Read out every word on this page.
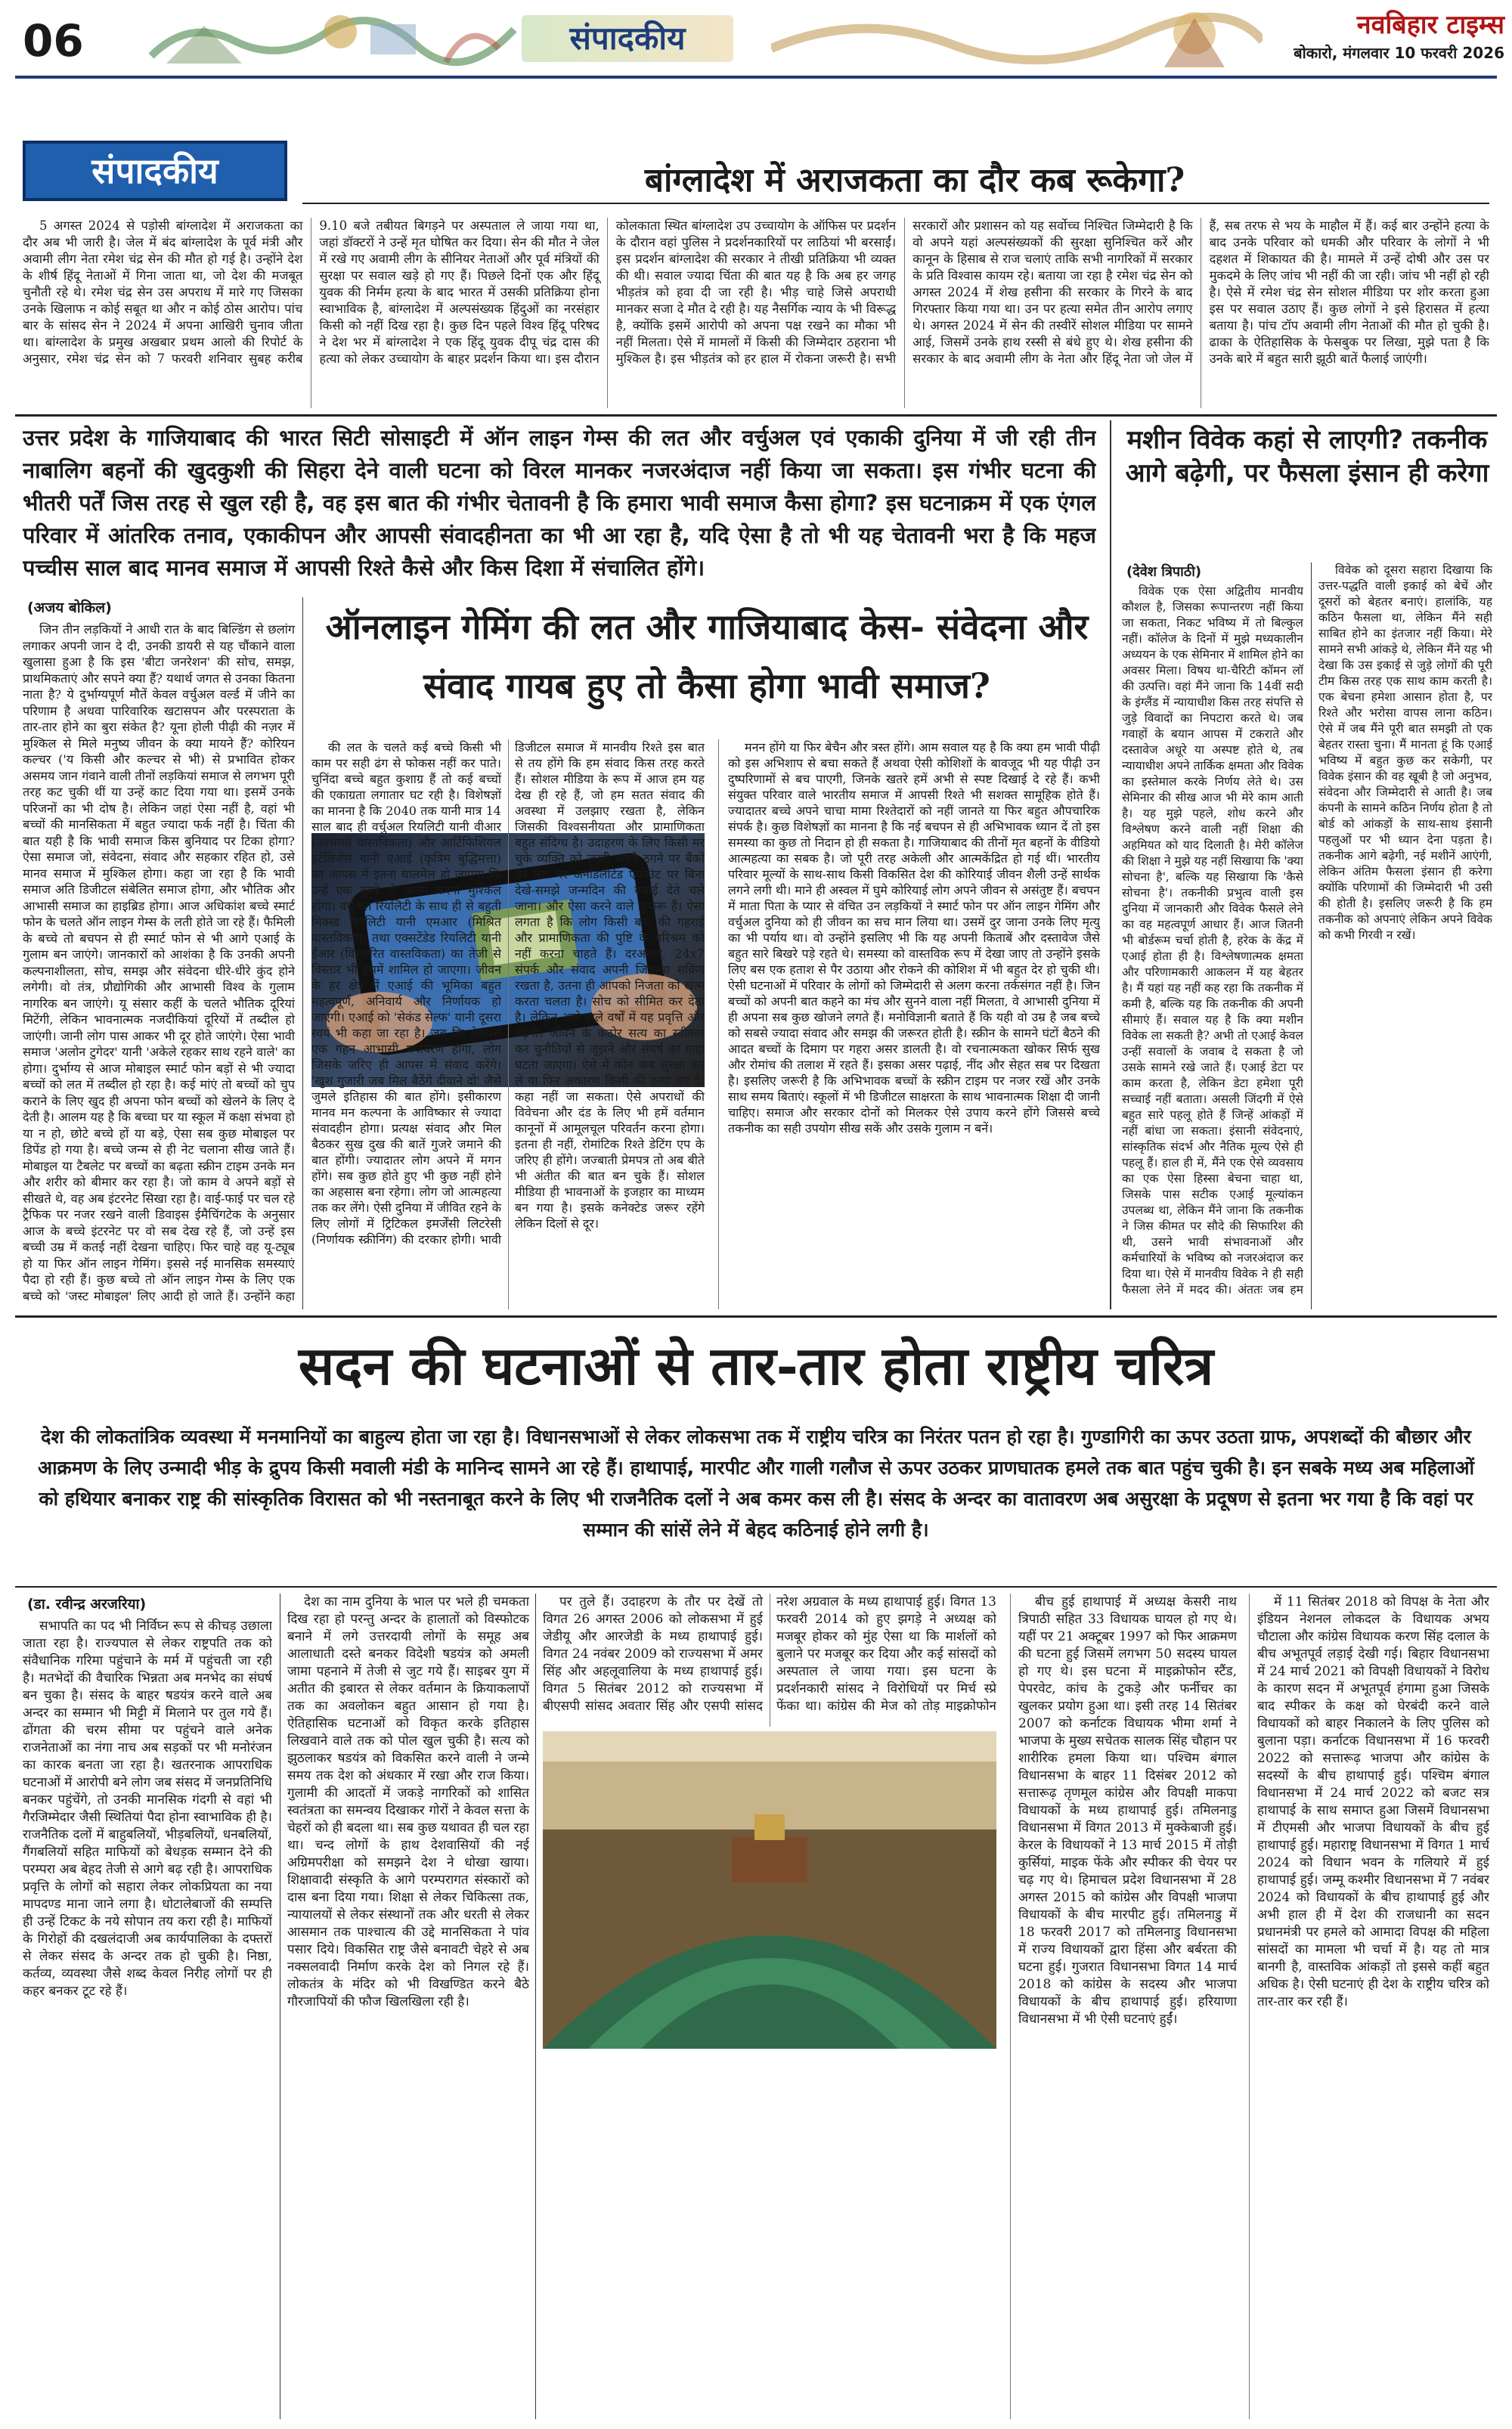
06	संपादकीय	नवबिहार टाइम्स
बोकारो, मंगलवार 10 फरवरी 2026
संपादकीय	बांग्लादेश में अराजकता का दौर कब रूकेगा?

5 अगस्त 2024 से पड़ोसी बांग्लादेश में अराजकता का दौर अब भी जारी है। जेल में बंद बांग्लादेश के पूर्व मंत्री और अवामी लीग नेता रमेश चंद्र सेन की मौत हो गई है। उन्होंने देश के शीर्ष हिंदू नेताओं में गिना जाता था, जो देश की मजबूत चुनौती रहे थे। रमेश चंद्र सेन उस अपराध में मारे गए जिसका उनके खिलाफ न कोई सबूत था और न कोई ठोस आरोप। पांच बार के सांसद सेन ने 2024 में अपना आखिरी चुनाव जीता था। बांग्लादेश के प्रमुख अखबार प्रथम आलो की रिपोर्ट के अनुसार, रमेश चंद्र सेन को 7 फरवरी शनिवार सुबह करीब 9.10 बजे तबीयत बिगड़ने पर अस्पताल ले जाया गया था, जहां डॉक्टरों ने उन्हें मृत घोषित कर दिया। सेन की मौत ने जेल में रखे गए अवामी लीग के सीनियर नेताओं और पूर्व मंत्रियों की सुरक्षा पर सवाल खड़े हो गए हैं। पिछले दिनों एक और हिंदू युवक की निर्मम हत्या के बाद भारत में उसकी प्रतिक्रिया होना स्वाभाविक है, बांग्लादेश में अल्पसंख्यक हिंदुओं का नरसंहार किसी को नहीं दिख रहा है। कुछ दिन पहले विश्व हिंदू परिषद ने देश भर में बांग्लादेश ने एक हिंदू युवक दीपू चंद्र दास की हत्या को लेकर उच्चायोग के बाहर प्रदर्शन किया था। इस दौरान कोलकाता स्थित बांग्लादेश उप उच्चायोग के ऑफिस पर प्रदर्शन के दौरान वहां पुलिस ने प्रदर्शनकारियों पर लाठियां भी बरसाईं। इस प्रदर्शन बांग्लादेश की सरकार ने तीखी प्रतिक्रिया भी व्यक्त की थी। सवाल ज्यादा चिंता की बात यह है कि अब हर जगह भीड़तंत्र को हवा दी जा रही है। भीड़ चाहे जिसे अपराधी मानकर सजा दे मौत दे रही है। यह नैसर्गिक न्याय के भी विरूद्ध है, क्योंकि इसमें आरोपी को अपना पक्ष रखने का मौका भी नहीं मिलता। ऐसे में मामलों में किसी की जिम्मेदार ठहराना भी मुश्किल है। इस भीड़तंत्र को हर हाल में रोकना जरूरी है। सभी सरकारों और प्रशासन को यह सर्वोच्च निश्चित जिम्मेदारी है कि वो अपने यहां अल्पसंख्यकों की सुरक्षा सुनिश्चित करें और कानून के हिसाब से राज चलाएं ताकि सभी नागरिकों में सरकार के प्रति विश्वास कायम रहे। बताया जा रहा है रमेश चंद्र सेन को अगस्त 2024 में शेख हसीना की सरकार के गिरने के बाद गिरफ्तार किया गया था। उन पर हत्या समेत तीन आरोप लगाए थे। अगस्त 2024 में सेन की तस्वीरें सोशल मीडिया पर सामने आई, जिसमें उनके हाथ रस्सी से बंधे हुए थे। शेख हसीना की सरकार के बाद अवामी लीग के नेता और हिंदू नेता जो जेल में हैं, सब तरफ से भय के माहौल में हैं। कई बार उन्होंने हत्या के बाद उनके परिवार को धमकी और परिवार के लोगों ने भी दहशत में शिकायत की है। मामले में उन्हें दोषी और उस पर मुकदमे के लिए जांच भी नहीं की जा रही। जांच भी नहीं हो रही है। ऐसे में रमेश चंद्र सेन सोशल मीडिया पर शोर करता हुआ इस पर सवाल उठाए हैं। कुछ लोगों ने इसे हिरासत में हत्या बताया है। पांच टॉप अवामी लीग नेताओं की मौत हो चुकी है। ढाका के ऐतिहासिक के फेसबुक पर लिखा, मुझे पता है कि उनके बारे में बहुत सारी झूठी बातें फैलाई जाएंगी।

उत्तर प्रदेश के गाजियाबाद की भारत सिटी सोसाइटी में ऑन लाइन गेम्स की लत और वर्चुअल एवं एकाकी दुनिया में जी रही तीन नाबालिग बहनों की खुदकुशी की सिहरा देने वाली घटना को विरल मानकर नजरअंदाज नहीं किया जा सकता। इस गंभीर घटना की भीतरी पर्तें जिस तरह से खुल रही है, वह इस बात की गंभीर चेतावनी है कि हमारा भावी समाज कैसा होगा? इस घटनाक्रम में एक एंगल परिवार में आंतरिक तनाव, एकाकीपन और आपसी संवादहीनता का भी आ रहा है, यदि ऐसा है तो भी यह चेतावनी भरा है कि महज पच्चीस साल बाद मानव समाज में आपसी रिश्ते कैसे और किस दिशा में संचालित होंगे।
(अजय बोकिल)

जिन तीन लड़कियों ने आधी रात के बाद बिल्डिंग से छलांग लगाकर अपनी जान दे दी, उनकी डायरी से यह चौंकाने वाला खुलासा हुआ है कि इस 'बीटा जनरेशन' की सोच, समझ, प्राथमिकताएं और सपने क्या हैं? यथार्थ जगत से उनका कितना नाता है? ये दुर्भाग्यपूर्ण मौतें केवल वर्चुअल वर्ल्ड में जीने का परिणाम है अथवा पारिवारिक खटासपन और परस्पराता के तार-तार होने का बुरा संकेत है? यूना होली पीढ़ी की नज़र में मुश्किल से मिले मनुष्य जीवन के क्या मायने हैं? कोरियन कल्चर ('य किसी और कल्चर से भी) से प्रभावित होकर असमय जान गंवाने वाली तीनों लड़कियां समाज से लगभग पूरी तरह कट चुकी थीं या उन्हें काट दिया गया था। इसमें उनके परिजनों का भी दोष है। लेकिन जहां ऐसा नहीं है, वहां भी बच्चों की मानसिकता में बहुत ज्यादा फर्क नहीं है। चिंता की बात यही है कि भावी समाज किस बुनियाद पर टिका होगा? ऐसा समाज जो, संवेदना, संवाद और सहकार रहित हो, उसे मानव समाज में मुश्किल होगा। कहा जा रहा है कि भावी समाज अति डिजीटल संबेलित समाज होगा, और भौतिक और आभासी समाज का हाइब्रिड होगा। आज अधिकांश बच्चे स्मार्ट फोन के चलते ऑन लाइन गेम्स के लती होते जा रहे हैं। फैमिली के बच्चे तो बचपन से ही स्मार्ट फोन से भी आगे एआई के गुलाम बन जाएंगे। जानकारों को आशंका है कि उनकी अपनी कल्पनाशीलता, सोच, समझ और संवेदना धीरे-धीरे कुंद होने लगेगी। वो तंत्र, प्रौद्योगिकी और आभासी विश्व के गुलाम नागरिक बन जाएंगे। यू संसार कहीं के चलते भौतिक दूरियां मिटेंगी, लेकिन भावनात्मक नजदीकियां दूरियों में तब्दील हो जाएंगी। जानी लोग पास आकर भी दूर होते जाएंगे। ऐसा भावी समाज 'अलोन टुगेदर' यानी 'अकेले रहकर साथ रहने वाले' का होगा। दुर्भाग्य से आज मोबाइल स्मार्ट फोन बड़ों से भी ज्यादा बच्चों को लत में तब्दील हो रहा है। कई मांएं तो बच्चों को चुप कराने के लिए खुद ही अपना फोन बच्चों को खेलने के लिए दे देती है। आलम यह है कि बच्चा घर या स्कूल में कक्षा संभवा हो या न हो, छोटे बच्चे हों या बड़े, ऐसा सब कुछ मोबाइल पर डिपेंड हो गया है। बच्चे जन्म से ही नेट चलाना सीख जाते हैं। मोबाइल या टैबलेट पर बच्चों का बढ़ता स्क्रीन टाइम उनके मन और शरीर को बीमार कर रहा है। जो काम वे अपने बड़ों से सीखते थे, वह अब इंटरनेट सिखा रहा है। वाई-फाई पर चल रहे ट्रैफिक पर नजर रखने वाली डिवाइस ईमैचिंगटेक के अनुसार आज के बच्चे इंटरनेट पर वो सब देख रहे हैं, जो उन्हें इस बच्ची उम्र में कतई नहीं देखना चाहिए। फिर चाहे वह यू-ट्यूब हो या फिर ऑन लाइन गेमिंग। इससे नई मानसिक समस्याएं पैदा हो रही हैं। कुछ बच्चे तो ऑन लाइन गेम्स के लिए एक बच्चे को 'जस्ट मोबाइल' लिए आदी हो जाते हैं। उन्होंने कहा

ऑनलाइन गेमिंग की लत और गाजियाबाद केस- संवेदना और संवाद गायब हुए तो कैसा होगा भावी समाज?

की लत के चलते कई बच्चे किसी भी काम पर सही ढंग से फोकस नहीं कर पाते। चुनिंदा बच्चे बहुत कुशाग्र हैं तो कई बच्चों की एकाग्रता लगातार घट रही है। विशेषज्ञों का मानना है कि 2040 तक यानी मात्र 14 साल बाद ही वर्चुअल रियलिटी यानी वीआर (आभासी वास्तविकता) और आर्टिफिशियल इंटेलिजेंस यानी एआई (कृत्रिम बुद्धिमत्ता) का आपस में इतना घालमेल हो जाएगा कि उन्हें एक दूसरे से अलग करना मुश्किल होगा। वर्चुअल रियलिटी के साथ ही से बहुती मिक्स्ड रियलिटी यानी एमआर (मिश्रित वास्तविकता) तथा एक्सटेंडेड रियलिटी यानी ईआर (विस्तारित वास्तविकता) का तेजी से विस्तार भी इसमें शामिल हो जाएगा। जीवन के हर क्षेत्र में एआई की भूमिका बहुत महत्वपूर्ण, अनिवार्य और निर्णायक हो जाएगी। एआई को 'सेकंड सेल्फ' यानी दूसरा स्वयं भी कहा जा रहा है। जब कि मेटावर्स एक गहन आभासी पर्यावरण होगा, लोग जिसके जरिए ही आपस में संवाद करेंगे। 'खुश गुजारी जब मिल बैठेंगे दीवाने दो' जैसे जुमले इतिहास की बात होंगे। इसीकारण मानव मन कल्पना के आविष्कार से ज्यादा संवादहीन होगा। प्रत्यक्ष संवाद और मिल बैठकर सुख दुख की बातें गुजरे जमाने की बात होंगी। ज्यादातर लोग अपने में मगन होंगे। सब कुछ होते हुए भी कुछ नहीं होने का अहसास बना रहेगा। लोग जो आत्महत्या तक कर लेंगे। ऐसी दुनिया में जीवित रहने के लिए लोगों में ट्रिटिकल इमर्जेंसी लिटरेसी (निर्णायक स्क्रीनिंग) की दरकार होगी। भावी डिजीटल समाज में मानवीय रिश्ते इस बात से तय होंगे कि हम संवाद किस तरह करते हैं। सोशल मीडिया के रूप में आज हम यह देख ही रहे हैं, जो हम सतत संवाद की अवस्था में उलझाए रखता है, लेकिन जिसकी विश्वसनीयता और प्रामाणिकता बहुत संदिग्ध है। उदाहरण के लिए किसी मर चुके व्यक्ति को जस्टी अपने ठगने पर बैंकों को मेटा पर अनडिलीटेड एकाउंट पर बिना देखे-समझे जन्मदिन की बधाई देते चले जाना। और ऐसा करने वाले फुफेरू हैं। ऐसा लगता है कि लोग किसी बात की गहराई और प्रामाणिकता की पुष्टि के परिश्रम को नहीं करना चाहते हैं। दरअसल, 24x7 संपर्क और संवाद अपनी जिज्ञासा सक्रिय रखता है, उतना ही आपको निजता को खत्म करता चलता है। सोच को सीमित कर देता है। लेकिन आने वाले वर्षों में यह प्रवृत्ति और बढ़ेगी। जीवन के कठोर सत्य का स्वीकार कर चुनौतियों से जूझने और संघर्ष का माद्दा घटता जाएगा। ऐसे में कोन कब सुरक्षा कर ले या फिर अकारण किसी की हत्या कर दे, कहा नहीं जा सकता। ऐसे अपराधों की विवेचना और दंड के लिए भी हमें वर्तमान कानूनों में आमूलचूल परिवर्तन करना होगा। इतना ही नहीं, रोमांटिक रिश्ते डेटिंग एप के जरिए ही होंगे। जज्बाती प्रेमपत्र तो अब बीते भी अंतीत की बात बन चुके हैं। सोशल मीडिया ही भावनाओं के इजहार का माध्यम बन गया है। इसके कनेक्टेड जरूर रहेंगे लेकिन दिलों से दूर।

मनन होंगे या फिर बेचैन और त्रस्त होंगे। आम सवाल यह है कि क्या हम भावी पीढ़ी को इस अभिशाप से बचा सकते हैं अथवा ऐसी कोशिशों के बावजूद भी यह पीढ़ी उन दुष्परिणामों से बच पाएगी, जिनके खतरे हमें अभी से स्पष्ट दिखाई दे रहे हैं। कभी संयुक्त परिवार वाले भारतीय समाज में आपसी रिश्ते भी सशक्त सामूहिक होते हैं। ज्यादातर बच्चे अपने चाचा मामा रिश्तेदारों को नहीं जानते या फिर बहुत औपचारिक संपर्क है। कुछ विशेषज्ञों का मानना है कि नई बचपन से ही अभिभावक ध्यान दें तो इस समस्या का कुछ तो निदान हो ही सकता है। गाजियाबाद की तीनों मृत बहनों के वीडियो आत्महत्या का सबक है। जो पूरी तरह अकेली और आत्मकेंद्रित हो गई थीं। भारतीय परिवार मूल्यों के साथ-साथ किसी विकसित देश की कोरियाई जीवन शैली उन्हें सार्थक लगने लगी थी। माने ही अस्वल में घुमे कोरियाई लोग अपने जीवन से असंतुष्ट हैं। बचपन में माता पिता के प्यार से वंचित उन लड़कियों ने स्मार्ट फोन पर ऑन लाइन गेमिंग और वर्चुअल दुनिया को ही जीवन का सच मान लिया था। उसमें दुर जाना उनके लिए मृत्यु का भी पर्याय था। वो उन्होंने इसलिए भी कि यह अपनी किताबें और दस्तावेज जैसे बहुत सारे बिखरे पड़े रहते थे। समस्या को वास्तविक रूप में देखा जाए तो उन्होंने इसके लिए बस एक हताश से पैर उठाया और रोकने की कोशिश में भी बहुत देर हो चुकी थी। ऐसी घटनाओं में परिवार के लोगों को जिम्मेदारी से अलग करना तर्कसंगत नहीं है। जिन बच्चों को अपनी बात कहने का मंच और सुनने वाला नहीं मिलता, वे आभासी दुनिया में ही अपना सब कुछ खोजने लगते हैं। मनोविज्ञानी बताते हैं कि यही वो उम्र है जब बच्चे को सबसे ज्यादा संवाद और समझ की जरूरत होती है। स्क्रीन के सामने घंटों बैठने की आदत बच्चों के दिमाग पर गहरा असर डालती है। वो रचनात्मकता खोकर सिर्फ सुख और रोमांच की तलाश में रहते हैं। इसका असर पढ़ाई, नींद और सेहत सब पर दिखता है। इसलिए जरूरी है कि अभिभावक बच्चों के स्क्रीन टाइम पर नजर रखें और उनके साथ समय बिताएं। स्कूलों में भी डिजीटल साक्षरता के साथ भावनात्मक शिक्षा दी जानी चाहिए। समाज और सरकार दोनों को मिलकर ऐसे उपाय करने होंगे जिससे बच्चे तकनीक का सही उपयोग सीख सकें और उसके गुलाम न बनें।

मशीन विवेक कहां से लाएगी? तकनीक आगे बढ़ेगी, पर फैसला इंसान ही करेगा
(देवेश त्रिपाठी)

विवेक एक ऐसा अद्वितीय मानवीय कौशल है, जिसका रूपान्तरण नहीं किया जा सकता, निकट भविष्य में तो बिल्कुल नहीं। कॉलेज के दिनों में मुझे मध्यकालीन अध्ययन के एक सेमिनार में शामिल होने का अवसर मिला। विषय था-चैरिटी कॉमन लॉ की उत्पत्ति। वहां मैंने जाना कि 14वीं सदी के इंग्लैंड में न्यायाधीश किस तरह संपत्ति से जुड़े विवादों का निपटारा करते थे। जब गवाहों के बयान आपस में टकराते और दस्तावेज अधूरे या अस्पष्ट होते थे, तब न्यायाधीश अपने तार्किक क्षमता और विवेक का इस्तेमाल करके निर्णय लेते थे। उस सेमिनार की सीख आज भी मेरे काम आती है। यह मुझे पहले, शोध करने और विश्लेषण करने वाली नहीं शिक्षा की अहमियत को याद दिलाती है। मेरी कॉलेज की शिक्षा ने मुझे यह नहीं सिखाया कि 'क्या सोचना है', बल्कि यह सिखाया कि 'कैसे सोचना है'। तकनीकी प्रभुत्व वाली इस दुनिया में जानकारी और विवेक फैसले लेने का वह महत्वपूर्ण आधार हैं। आज जितनी भी बोर्डरूम चर्चा होती है, हरेक के केंद्र में एआई होता ही है। विश्लेषणात्मक क्षमता और परिणामकारी आकलन में यह बेहतर है। मैं यहां यह नहीं कह रहा कि तकनीक में कमी है, बल्कि यह कि तकनीक की अपनी सीमाएं हैं। सवाल यह है कि क्या मशीन विवेक ला सकती है? अभी तो एआई केवल उन्हीं सवालों के जवाब दे सकता है जो उसके सामने रखे जाते हैं। एआई डेटा पर काम करता है, लेकिन डेटा हमेशा पूरी सच्चाई नहीं बताता। असली जिंदगी में ऐसे बहुत सारे पहलू होते हैं जिन्हें आंकड़ों में नहीं बांधा जा सकता। इंसानी संवेदनाएं, सांस्कृतिक संदर्भ और नैतिक मूल्य ऐसे ही पहलू हैं। हाल ही में, मैंने एक ऐसे व्यवसाय का एक ऐसा हिस्सा बेचना चाहा था, जिसके पास सटीक एआई मूल्यांकन उपलब्ध था, लेकिन मैंने जाना कि तकनीक ने जिस कीमत पर सौदे की सिफारिश की थी, उसने भावी संभावनाओं और कर्मचारियों के भविष्य को नजरअंदाज कर दिया था। ऐसे में मानवीय विवेक ने ही सही फैसला लेने में मदद की। अंततः जब हम

विवेक को दूसरा सहारा दिखाया कि उत्तर-पद्धति वाली इकाई को बेचें और दूसरों को बेहतर बनाएं। हालांकि, यह कठिन फैसला था, लेकिन मैंने सही साबित होने का इंतजार नहीं किया। मेरे सामने सभी आंकड़े थे, लेकिन मैंने यह भी देखा कि उस इकाई से जुड़े लोगों की पूरी टीम किस तरह एक साथ काम करती है। एक बेचना हमेशा आसान होता है, पर रिश्ते और भरोसा वापस लाना कठिन। ऐसे में जब मैंने पूरी बात समझी तो एक बेहतर रास्ता चुना। मैं मानता हूं कि एआई भविष्य में बहुत कुछ कर सकेगी, पर विवेक इंसान की वह खूबी है जो अनुभव, संवेदना और जिम्मेदारी से आती है। जब कंपनी के सामने कठिन निर्णय होता है तो बोर्ड को आंकड़ों के साथ-साथ इंसानी पहलुओं पर भी ध्यान देना पड़ता है। तकनीक आगे बढ़ेगी, नई मशीनें आएंगी, लेकिन अंतिम फैसला इंसान ही करेगा क्योंकि परिणामों की जिम्मेदारी भी उसी की होती है। इसलिए जरूरी है कि हम तकनीक को अपनाएं लेकिन अपने विवेक को कभी गिरवी न रखें।

सदन की घटनाओं से तार-तार होता राष्ट्रीय चरित्र
देश की लोकतांत्रिक व्यवस्था में मनमानियों का बाहुल्य होता जा रहा है। विधानसभाओं से लेकर लोकसभा तक में राष्ट्रीय चरित्र का निरंतर पतन हो रहा है। गुण्डागिरी का ऊपर उठता ग्राफ, अपशब्दों की बौछार और आक्रमण के लिए उन्मादी भीड़ के द्रुपय किसी मवाली मंडी के मानिन्द सामने आ रहे हैं। हाथापाई, मारपीट और गाली गलौज से ऊपर उठकर प्राणघातक हमले तक बात पहुंच चुकी है। इन सबके मध्य अब महिलाओं को हथियार बनाकर राष्ट्र की सांस्कृतिक विरासत को भी नस्तनाबूत करने के लिए भी राजनैतिक दलों ने अब कमर कस ली है। संसद के अन्दर का वातावरण अब असुरक्षा के प्रदूषण से इतना भर गया है कि वहां पर सम्मान की सांसें लेने में बेहद कठिनाई होने लगी है।
(डा. रवीन्द्र अरजरिया)

सभापति का पद भी निर्विघ्न रूप से कीचड़ उछाला जाता रहा है। राज्यपाल से लेकर राष्ट्रपति तक को संवैधानिक गरिमा पहुंचाने के मर्म में पहुंचती जा रही है। मतभेदों की वैचारिक भिन्नता अब मनभेद का संघर्ष बन चुका है। संसद के बाहर षडयंत्र करने वाले अब अन्दर का सम्मान भी मिट्टी में मिलाने पर तुल गये हैं। ढोंगता की चरम सीमा पर पहुंचने वाले अनेक राजनेताओं का नंगा नाच अब सड़कों पर भी मनोरंजन का कारक बनता जा रहा है। खतरनाक आपराधिक घटनाओं में आरोपी बने लोग जब संसद में जनप्रतिनिधि बनकर पहुंचेंगे, तो उनकी मानसिक गंदगी से वहां भी गैरजिम्मेदार जैसी स्थितियां पैदा होना स्वाभाविक ही है। राजनैतिक दलों में बाहुबलियों, भीड़बलियों, धनबलियों, गैंगबलियों सहित माफियों को बेधड़क सम्मान देने की परम्परा अब बेहद तेजी से आगे बढ़ रही है। आपराधिक प्रवृत्ति के लोगों को सहारा लेकर लोकप्रियता का नया मापदण्ड माना जाने लगा है। धोटालेबाजों की सम्पत्ति ही उन्हें टिकट के नये सोपान तय करा रही है। माफियों के गिरोहों की दखलंदाजी अब कार्यपालिका के दफ्तरों से लेकर संसद के अन्दर तक हो चुकी है। निष्ठा, कर्तव्य, व्यवस्था जैसे शब्द केवल निरीह लोगों पर ही कहर बनकर टूट रहे हैं।

देश का नाम दुनिया के भाल पर भले ही चमकता दिख रहा हो परन्तु अन्दर के हालातों को विस्फोटक बनाने में लगे उत्तरदायी लोगों के समूह अब आलाधाती दस्ते बनकर विदेशी षडयंत्र को अमली जामा पहनाने में तेजी से जुट गये हैं। साइबर युग में अतीत की इबारत से लेकर वर्तमान के क्रियाकलापों तक का अवलोकन बहुत आसान हो गया है। ऐतिहासिक घटनाओं को विकृत करके इतिहास लिखवाने वाले तक को पोल खुल चुकी है। सत्य को झुठलाकर षडयंत्र को विकसित करने वाली ने जन्मे समय तक देश को अंधकार में रखा और राज किया। गुलामी की आदतों में जकड़े नागरिकों को शासित स्वतंत्रता का समन्वय दिखाकर गोरों ने केवल सत्ता के चेहरों को ही बदला था। सब कुछ यथावत ही चल रहा था। चन्द लोगों के हाथ देशवासियों की नई अग्रिमपरीक्षा को समझने देश ने धोखा खाया। शिक्षावादी संस्कृति के आगे परम्परागत संस्कारों को दास बना दिया गया। शिक्षा से लेकर चिकित्सा तक, न्यायालयों से लेकर संस्थानों तक और धरती से लेकर आसमान तक पाश्चात्य की उद्दे मानसिकता ने पांव पसार दिये। विकसित राष्ट्र जैसे बनावटी चेहरे से अब नक्सलवादी निर्माण करके देश को निगल रहे हैं। लोकतंत्र के मंदिर को भी विखण्डित करने बैठे गौरजापियों की फौज खिलखिला रही है।

पर तुले हैं। उदाहरण के तौर पर देखें तो विगत 26 अगस्त 2006 को लोकसभा में हुई जेडीयू और आरजेडी के मध्य हाथापाई हुई। विगत 24 नवंबर 2009 को राज्यसभा में अमर सिंह और अहलूवालिया के मध्य हाथापाई हुई। विगत 5 सितंबर 2012 को राज्यसभा में बीएसपी सांसद अवतार सिंह और एसपी सांसद नरेश अग्रवाल के मध्य हाथापाई हुई। विगत 13 फरवरी 2014 को हुए झगड़े ने अध्यक्ष को मजबूर होकर को मुंह ऐसा था कि मार्शलों को बुलाने पर मजबूर कर दिया और कई सांसदों को अस्पताल ले जाया गया। इस घटना के प्रदर्शनकारी सांसद ने विरोधियों पर मिर्च स्प्रे फेंका था। कांग्रेस की मेज को तोड़ माइक्रोफोन

बीच हुई हाथापाई में अध्यक्ष केसरी नाथ त्रिपाठी सहित 33 विधायक घायल हो गए थे। यहीं पर 21 अक्टूबर 1997 को फिर आक्रमण की घटना हुई जिसमें लगभग 50 सदस्य घायल हो गए थे। इस घटना में माइक्रोफोन स्टैंड, पेपरवेट, कांच के टुकड़े और फर्नीचर का खुलकर प्रयोग हुआ था। इसी तरह 14 सितंबर 2007 को कर्नाटक विधायक भीमा शर्मा ने भाजपा के मुख्य सचेतक सालक सिंह चौहान पर शारीरिक हमला किया था। पश्चिम बंगाल विधानसभा के बाहर 11 दिसंबर 2012 को सत्तारूढ़ तृणमूल कांग्रेस और विपक्षी माकपा विधायकों के मध्य हाथापाई हुई। तमिलनाडु विधानसभा में विगत 2013 में मुक्केबाजी हुई। केरल के विधायकों ने 13 मार्च 2015 में तोड़ी कुर्सियां, माइक फेंके और स्पीकर की चेयर पर चढ़ गए थे। हिमाचल प्रदेश विधानसभा में 28 अगस्त 2015 को कांग्रेस और विपक्षी भाजपा विधायकों के बीच मारपीट हुई। तमिलनाडु में 18 फरवरी 2017 को तमिलनाडु विधानसभा में राज्य विधायकों द्वारा हिंसा और बर्बरता की घटना हुई। गुजरात विधानसभा विगत 14 मार्च 2018 को कांग्रेस के सदस्य और भाजपा विधायकों के बीच हाथापाई हुई। हरियाणा विधानसभा में भी ऐसी घटनाएं हुईं।

में 11 सितंबर 2018 को विपक्ष के नेता और इंडियन नेशनल लोकदल के विधायक अभय चौटाला और कांग्रेस विधायक करण सिंह दलाल के बीच अभूतपूर्व लड़ाई देखी गई। बिहार विधानसभा में 24 मार्च 2021 को विपक्षी विधायकों ने विरोध के कारण सदन में अभूतपूर्व हंगामा हुआ जिसके बाद स्पीकर के कक्ष को घेरबंदी करने वाले विधायकों को बाहर निकालने के लिए पुलिस को बुलाना पड़ा। कर्नाटक विधानसभा में 16 फरवरी 2022 को सत्तारूढ़ भाजपा और कांग्रेस के सदस्यों के बीच हाथापाई हुई। पश्चिम बंगाल विधानसभा में 24 मार्च 2022 को बजट सत्र हाथापाई के साथ समाप्त हुआ जिसमें विधानसभा में टीएमसी और भाजपा विधायकों के बीच हुई हाथापाई हुई। महाराष्ट्र विधानसभा में विगत 1 मार्च 2024 को विधान भवन के गलियारे में हुई हाथापाई हुई। जम्मू कश्मीर विधानसभा में 7 नवंबर 2024 को विधायकों के बीच हाथापाई हुई और अभी हाल ही में देश की राजधानी का सदन प्रधानमंत्री पर हमले को आमादा विपक्ष की महिला सांसदों का मामला भी चर्चा में है। यह तो मात्र बानगी है, वास्तविक आंकड़ों तो इससे कहीं बहुत अधिक है। ऐसी घटनाएं ही देश के राष्ट्रीय चरित्र को तार-तार कर रही हैं।
